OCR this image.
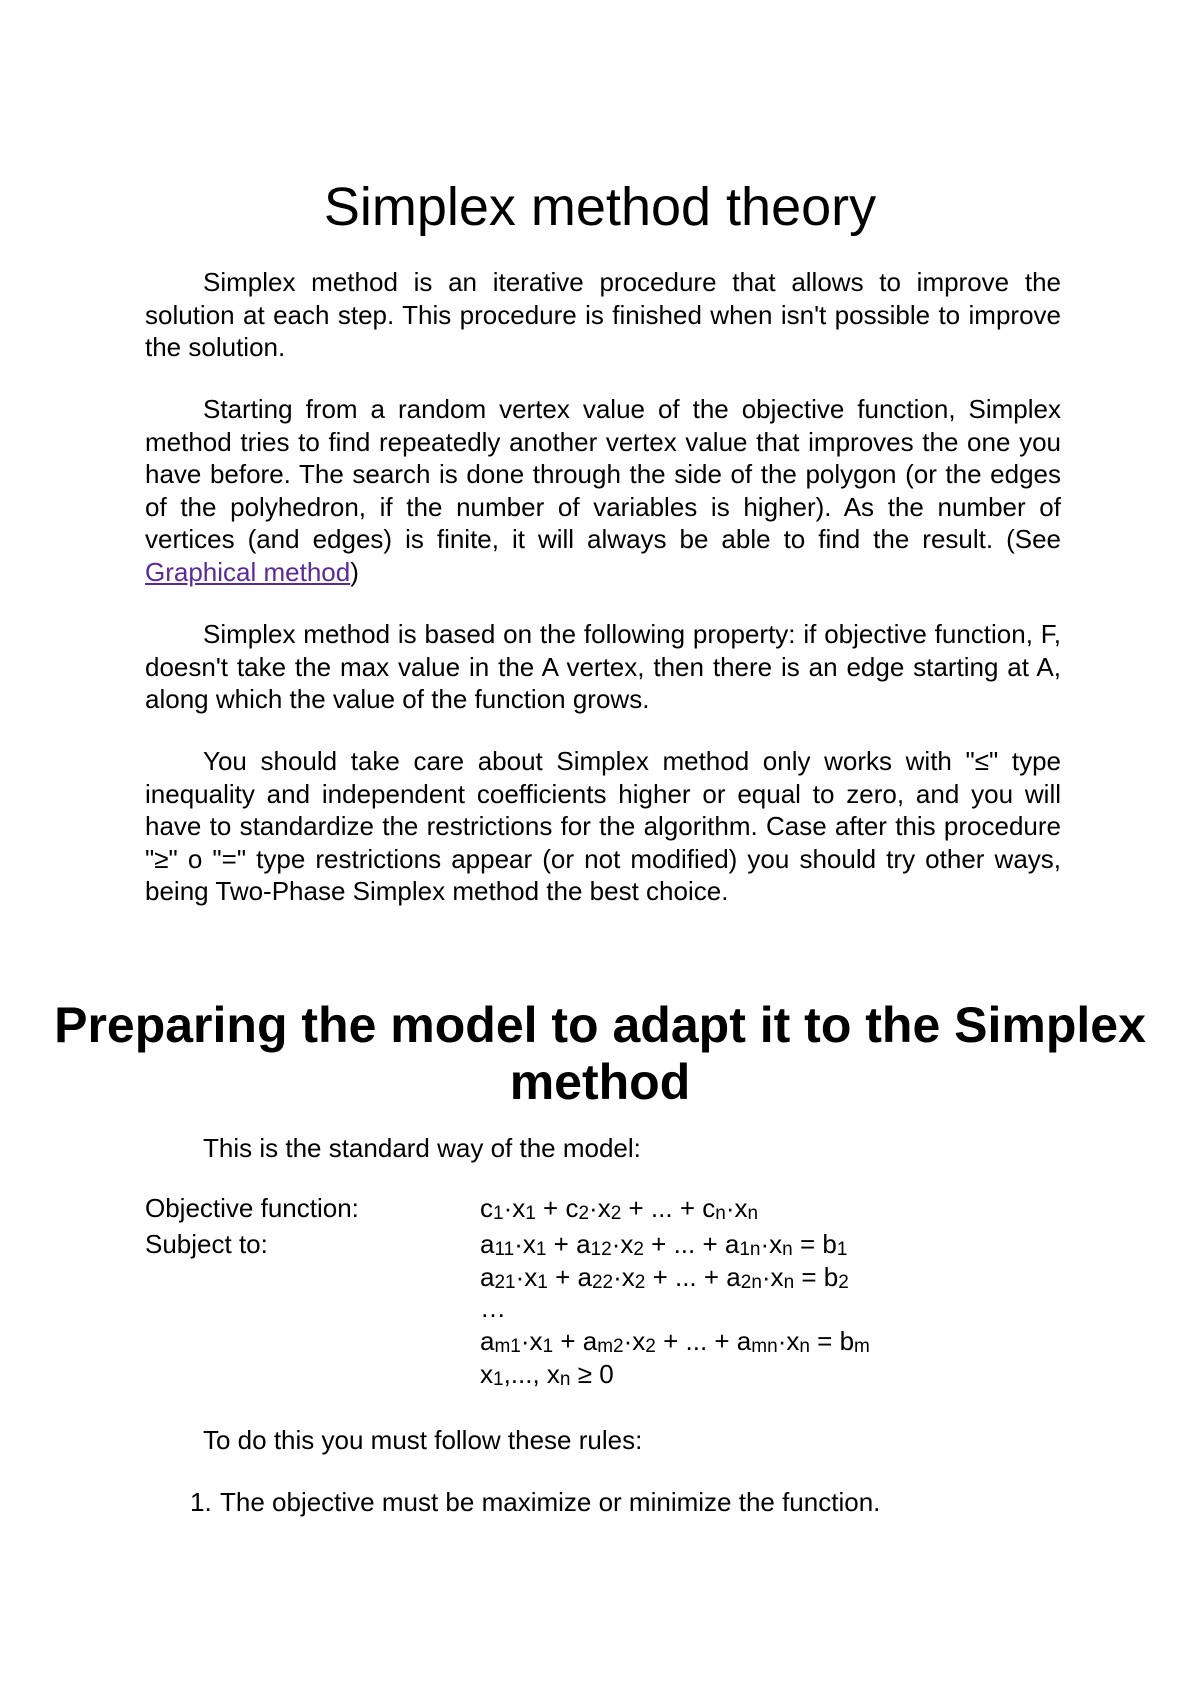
Simplex method theory

Simplex method is an iterative procedure that allows to improve the solution at each step. This procedure is finished when isn't possible to improve the solution.

Starting from a random vertex value of the objective function, Simplex method tries to find repeatedly another vertex value that improves the one you have before. The search is done through the side of the polygon (or the edges of the polyhedron, if the number of variables is higher). As the number of vertices (and edges) is finite, it will always be able to find the result. (See Graphical method)

Simplex method is based on the following property: if objective function, F, doesn't take the max value in the A vertex, then there is an edge starting at A, along which the value of the function grows.

You should take care about Simplex method only works with "≤" type inequality and independent coefficients higher or equal to zero, and you will have to standardize the restrictions for the algorithm. Case after this procedure "≥" o "=" type restrictions appear (or not modified) you should try other ways, being Two-Phase Simplex method the best choice.

Preparing the model to adapt it to the Simplex method

This is the standard way of the model:

Objective function:	$c_1\cdot x_1 + c_2\cdot x_2$ + ... + $c_n\cdot x_n$
Subject to:	$a_{11}\cdot x_1 + a_{12}\cdot x_2$ + ... + $a_{1n}\cdot x_n = b_1$
$a_{21}\cdot x_1 + a_{22}\cdot x_2$ + ... + $a_{2n}\cdot x_n = b_2$
…
$a_{m1}\cdot x_1 + a_{m2}\cdot x_2$ + ... + $a_{mn}\cdot x_n = b_m$
$x_1$,..., $x_n \ge 0$

To do this you must follow these rules:

1. The objective must be maximize or minimize the function.
